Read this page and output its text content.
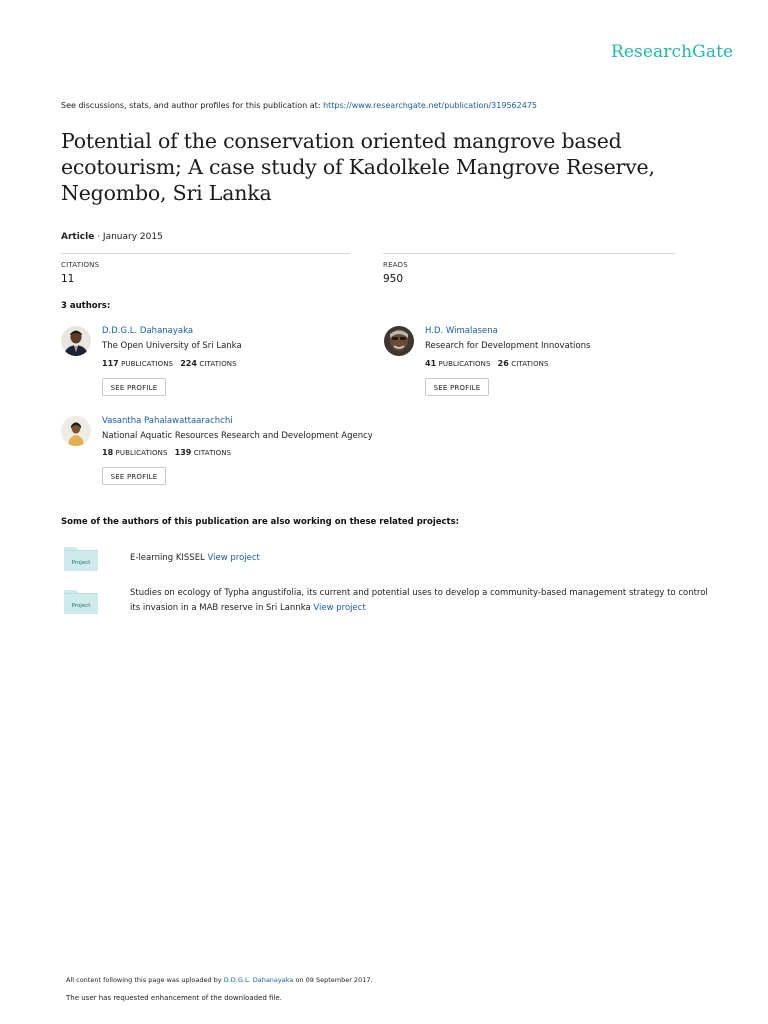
ResearchGate
See discussions, stats, and author profiles for this publication at: https://www.researchgate.net/publication/319562475
Potential of the conservation oriented mangrove based ecotourism; A case study of Kadolkele Mangrove Reserve, Negombo, Sri Lanka
Article · January 2015
CITATIONS
11
READS
950
3 authors:
D.D.G.L. Dahanayaka
The Open University of Sri Lanka
117 PUBLICATIONS 224 CITATIONS
SEE PROFILE
H.D. Wimalasena
Research for Development Innovations
41 PUBLICATIONS 26 CITATIONS
SEE PROFILE
Vasantha Pahalawattaarachchi
National Aquatic Resources Research and Development Agency
18 PUBLICATIONS 139 CITATIONS
SEE PROFILE
Some of the authors of this publication are also working on these related projects:
Project	E-learning KISSEL View project
Project
Studies on ecology of Typha angustifolia, its current and potential uses to develop a community-based management strategy to control
its invasion in a MAB reserve in Sri Lannka View project
All content following this page was uploaded by D.D.G.L. Dahanayaka on 09 September 2017.
The user has requested enhancement of the downloaded file.
